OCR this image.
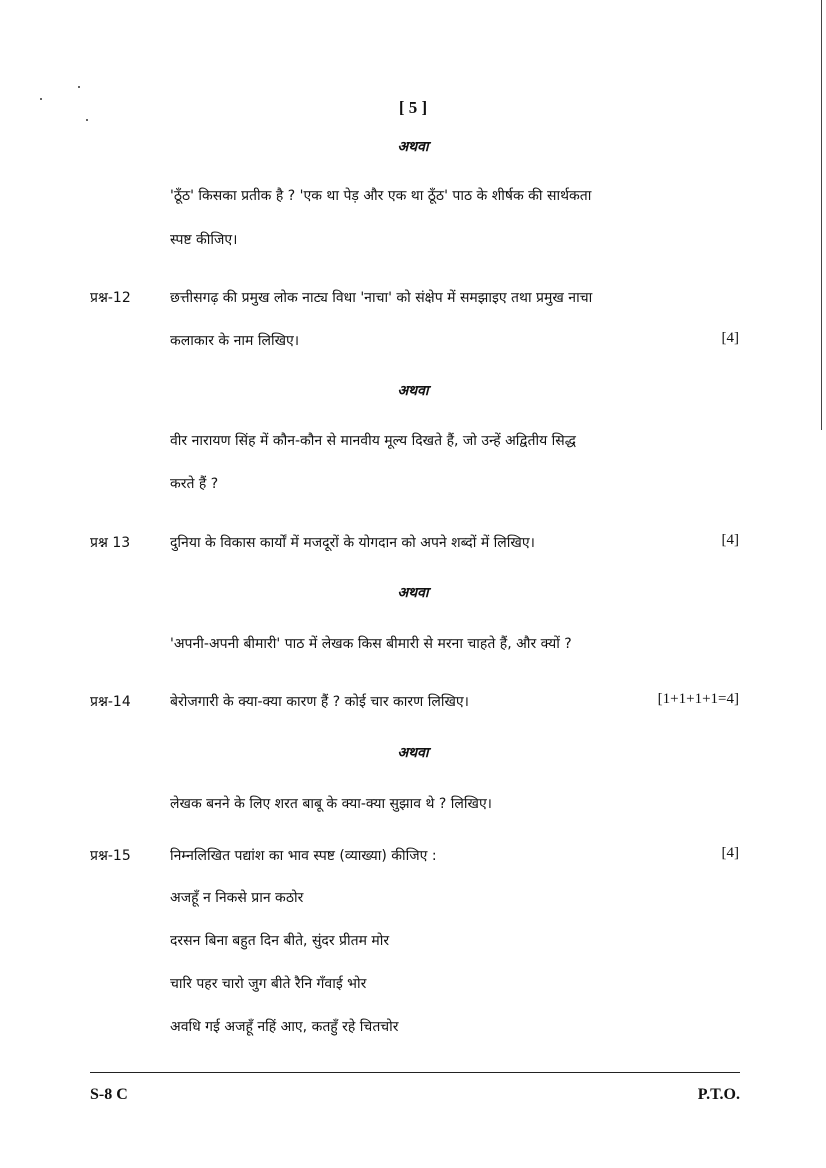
[ 5 ]
अथवा
'ठूँठ' किसका प्रतीक है ? 'एक था पेड़ और एक था ठूँठ' पाठ के शीर्षक की सार्थकता
स्पष्ट कीजिए।
प्रश्न-12	छत्तीसगढ़ की प्रमुख लोक नाट्य विधा 'नाचा' को संक्षेप में समझाइए तथा प्रमुख नाचा
कलाकार के नाम लिखिए।	[4]
अथवा
वीर नारायण सिंह में कौन-कौन से मानवीय मूल्य दिखते हैं, जो उन्हें अद्वितीय सिद्ध
करते हैं ?
प्रश्न 13	दुनिया के विकास कार्यों में मजदूरों के योगदान को अपने शब्दों में लिखिए।	[4]
अथवा
'अपनी-अपनी बीमारी' पाठ में लेखक किस बीमारी से मरना चाहते हैं, और क्यों ?
प्रश्न-14	बेरोजगारी के क्या-क्या कारण हैं ? कोई चार कारण लिखिए।	[1+1+1+1=4]
अथवा
लेखक बनने के लिए शरत बाबू के क्या-क्या सुझाव थे ? लिखिए।
प्रश्न-15	निम्नलिखित पद्यांश का भाव स्पष्ट (व्याख्या) कीजिए :	[4]
अजहूँ न निकसे प्रान कठोर
दरसन बिना बहुत दिन बीते, सुंदर प्रीतम मोर
चारि पहर चारो जुग बीते रैनि गँवाई भोर
अवधि गई अजहूँ नहिं आए, कतहुँ रहे चितचोर
S-8 C	P.T.O.
